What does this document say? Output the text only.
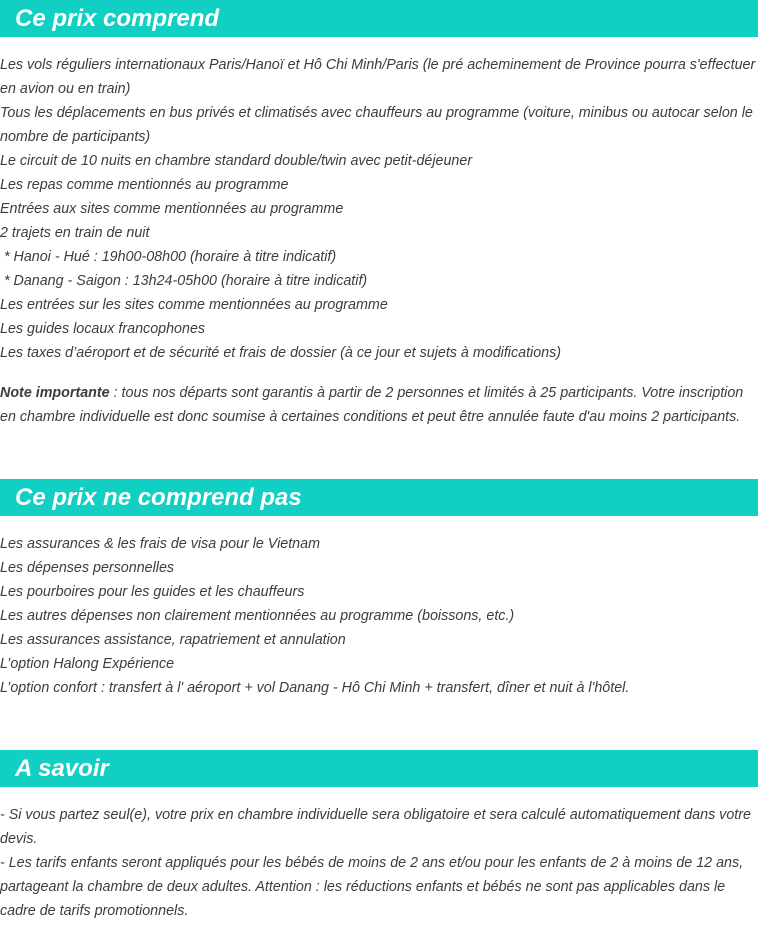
Ce prix comprend

Les vols réguliers internationaux Paris/Hanoï et Hô Chi Minh/Paris (le pré acheminement de Province pourra s'effectuer en avion ou en train)

Tous les déplacements en bus privés et climatisés avec chauffeurs au programme (voiture, minibus ou autocar selon le nombre de participants)

Le circuit de 10 nuits en chambre standard double/twin avec petit-déjeuner

Les repas comme mentionnés au programme

Entrées aux sites comme mentionnées au programme

2 trajets en train de nuit

* Hanoi - Hué : 19h00-08h00 (horaire à titre indicatif)

* Danang - Saigon : 13h24-05h00 (horaire à titre indicatif)

Les entrées sur les sites comme mentionnées au programme

Les guides locaux francophones

Les taxes d’aéroport et de sécurité et frais de dossier (à ce jour et sujets à modifications)

Note importante : tous nos départs sont garantis à partir de 2 personnes et limités à 25 participants. Votre inscription en chambre individuelle est donc soumise à certaines conditions et peut être annulée faute d'au moins 2 participants.

Ce prix ne comprend pas

Les assurances & les frais de visa pour le Vietnam

Les dépenses personnelles

Les pourboires pour les guides et les chauffeurs

Les autres dépenses non clairement mentionnées au programme (boissons, etc.)

Les assurances assistance, rapatriement et annulation

L’option Halong Expérience

L’option confort : transfert à l' aéroport + vol Danang - Hô Chi Minh + transfert, dîner et nuit à l'hôtel.

A savoir

- Si vous partez seul(e), votre prix en chambre individuelle sera obligatoire et sera calculé automatiquement dans votre devis.

- Les tarifs enfants seront appliqués pour les bébés de moins de 2 ans et/ou pour les enfants de 2 à moins de 12 ans, partageant la chambre de deux adultes. Attention : les réductions enfants et bébés ne sont pas applicables dans le cadre de tarifs promotionnels.
